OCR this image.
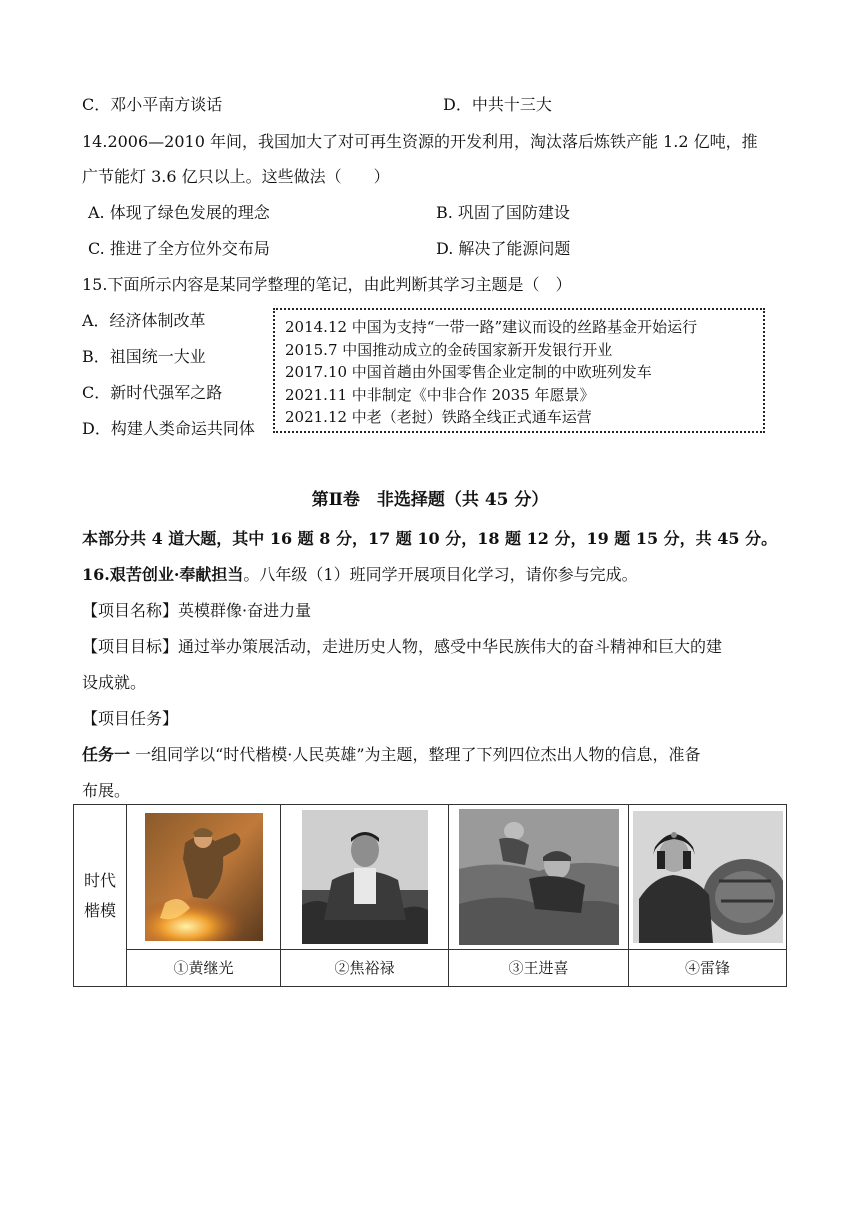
C．邓小平南方谈话	D．中共十三大
14.2006—2010 年间，我国加大了对可再生资源的开发利用，淘汰落后炼铁产能 1.2 亿吨，推
广节能灯 3.6 亿只以上。这些做法（　　）
A. 体现了绿色发展的理念	B. 巩固了国防建设
C. 推进了全方位外交布局	D. 解决了能源问题
15.下面所示内容是某同学整理的笔记，由此判断其学习主题是（　）
A．经济体制改革
B．祖国统一大业
C．新时代强军之路
D．构建人类命运共同体
2014.12 中国为支持“一带一路”建议而设的丝路基金开始运行
2015.7 中国推动成立的金砖国家新开发银行开业
2017.10 中国首趟由外国零售企业定制的中欧班列发车
2021.11 中非制定《中非合作 2035 年愿景》
2021.12 中老（老挝）铁路全线正式通车运营
第Ⅱ卷　非选择题（共 45 分）
本部分共 4 道大题，其中 16 题 8 分，17 题 10 分，18 题 12 分，19 题 15 分，共 45 分。
16.艰苦创业·奉献担当。八年级（1）班同学开展项目化学习，请你参与完成。
【项目名称】英模群像·奋进力量
【项目目标】通过举办策展活动，走进历史人物，感受中华民族伟大的奋斗精神和巨大的建
设成就。
【项目任务】
任务一 一组同学以“时代楷模·人民英雄”为主题，整理了下列四位杰出人物的信息，准备
布展。
时代
楷模

	①黄继光	②焦裕禄	③王进喜	④雷锋
